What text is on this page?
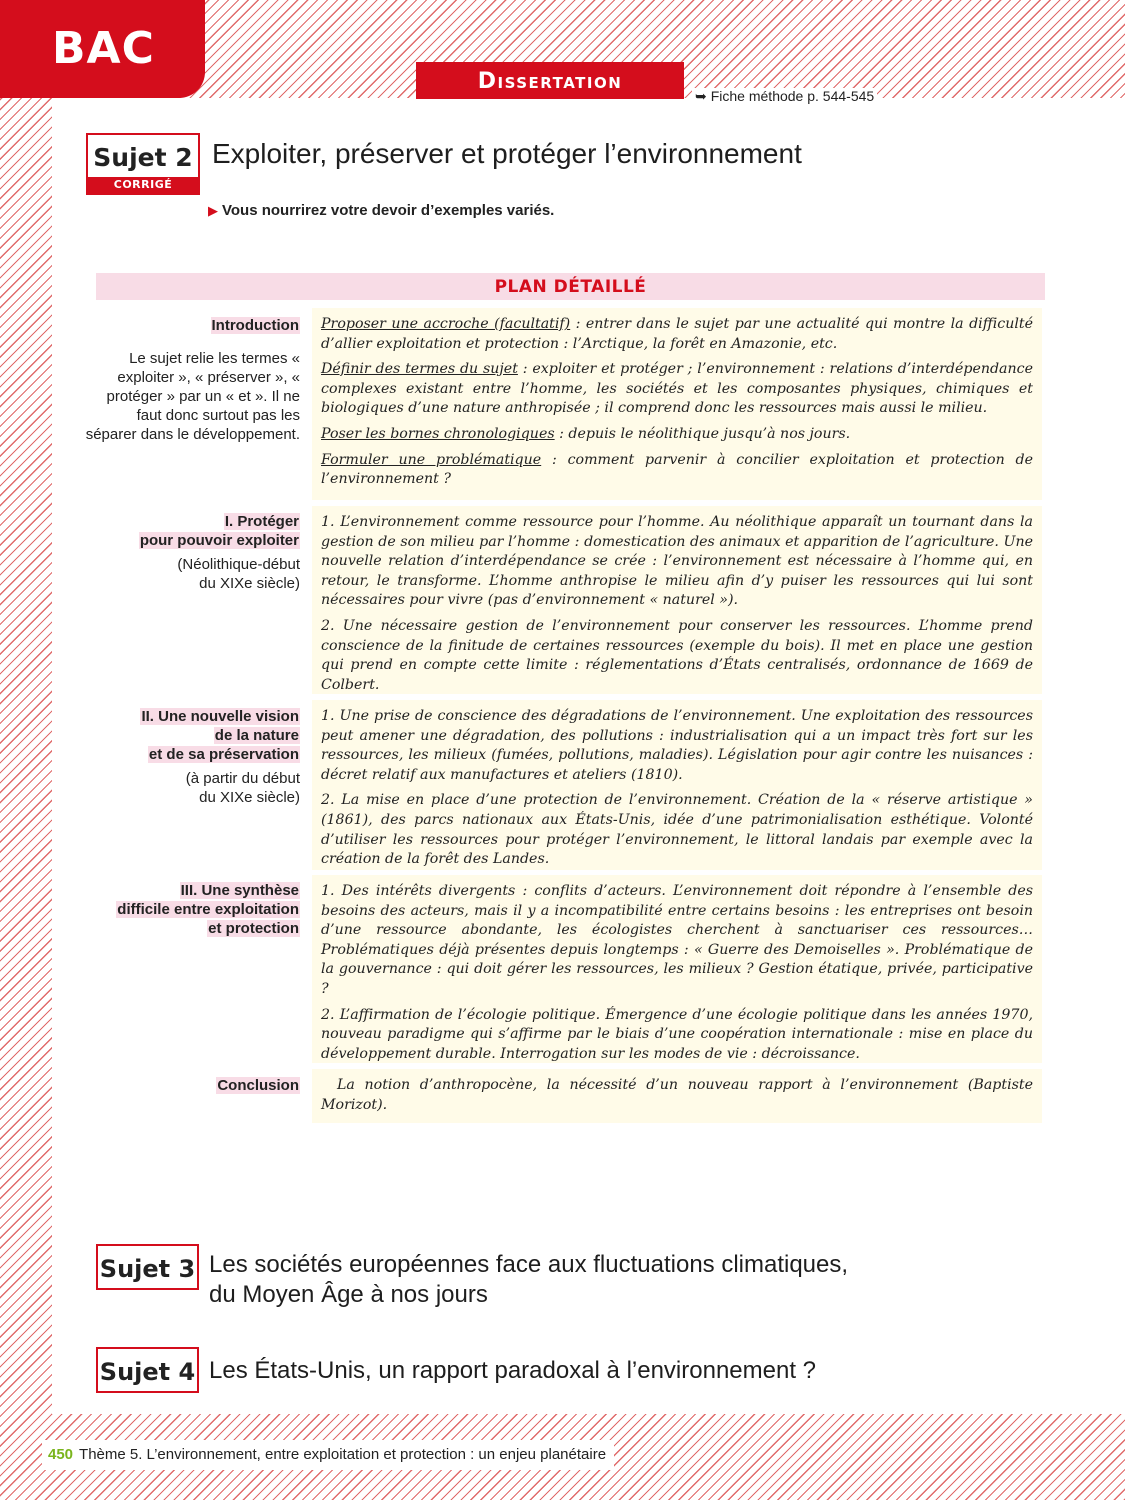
BAC
Dissertation
➥ Fiche méthode p. 544-545
Sujet 2
CORRIGÉ
Exploiter, préserver et protéger l’environnement
▶ Vous nourrirez votre devoir d’exemples variés.
PLAN DÉTAILLÉ
Introduction
Le sujet relie les termes « exploiter », « préserver », « protéger » par un « et ». Il ne faut donc surtout pas les séparer dans le développement.

Proposer une accroche (facultatif) : entrer dans le sujet par une actualité qui montre la difficulté d’allier exploitation et protection : l’Arctique, la forêt en Amazonie, etc.

Définir des termes du sujet : exploiter et protéger ; l’environnement : relations d’interdépendance complexes existant entre l’homme, les sociétés et les composantes physiques, chimiques et biologiques d’une nature anthropisée ; il comprend donc les ressources mais aussi le milieu.

Poser les bornes chronologiques : depuis le néolithique jusqu’à nos jours.

Formuler une problématique : comment parvenir à concilier exploitation et protection de l’environnement ?

I. Protéger
pour pouvoir exploiter
(Néolithique-début
du XIXe siècle)

1. L’environnement comme ressource pour l’homme. Au néolithique apparaît un tournant dans la gestion de son milieu par l’homme : domestication des animaux et apparition de l’agriculture. Une nouvelle relation d’interdépendance se crée : l’environnement est nécessaire à l’homme qui, en retour, le transforme. L’homme anthropise le milieu afin d’y puiser les ressources qui lui sont nécessaires pour vivre (pas d’environnement « naturel »).

2. Une nécessaire gestion de l’environnement pour conserver les ressources. L’homme prend conscience de la finitude de certaines ressources (exemple du bois). Il met en place une gestion qui prend en compte cette limite : réglementations d’États centralisés, ordonnance de 1669 de Colbert.

II. Une nouvelle vision
de la nature
et de sa préservation
(à partir du début
du XIXe siècle)

1. Une prise de conscience des dégradations de l’environnement. Une exploitation des ressources peut amener une dégradation, des pollutions : industrialisation qui a un impact très fort sur les ressources, les milieux (fumées, pollutions, maladies). Législation pour agir contre les nuisances : décret relatif aux manufactures et ateliers (1810).

2. La mise en place d’une protection de l’environnement. Création de la « réserve artistique » (1861), des parcs nationaux aux États-Unis, idée d’une patrimonialisation esthétique. Volonté d’utiliser les ressources pour protéger l’environnement, le littoral landais par exemple avec la création de la forêt des Landes.

III. Une synthèse
difficile entre exploitation
et protection

1. Des intérêts divergents : conflits d’acteurs. L’environnement doit répondre à l’ensemble des besoins des acteurs, mais il y a incompatibilité entre certains besoins : les entreprises ont besoin d’une ressource abondante, les écologistes cherchent à sanctuariser ces ressources… Problématiques déjà présentes depuis longtemps : « Guerre des Demoiselles ». Problématique de la gouvernance : qui doit gérer les ressources, les milieux ? Gestion étatique, privée, participative ?

2. L’affirmation de l’écologie politique. Émergence d’une écologie politique dans les années 1970, nouveau paradigme qui s’affirme par le biais d’une coopération internationale : mise en place du développement durable. Interrogation sur les modes de vie : décroissance.

Conclusion	La notion d’anthropocène, la nécessité d’un nouveau rapport à l’environnement (Baptiste Morizot).

Sujet 3 Les sociétés européennes face aux fluctuations climatiques,
du Moyen Âge à nos jours
Sujet 4 Les États-Unis, un rapport paradoxal à l’environnement ?
450 Thème 5. L’environnement, entre exploitation et protection : un enjeu planétaire
